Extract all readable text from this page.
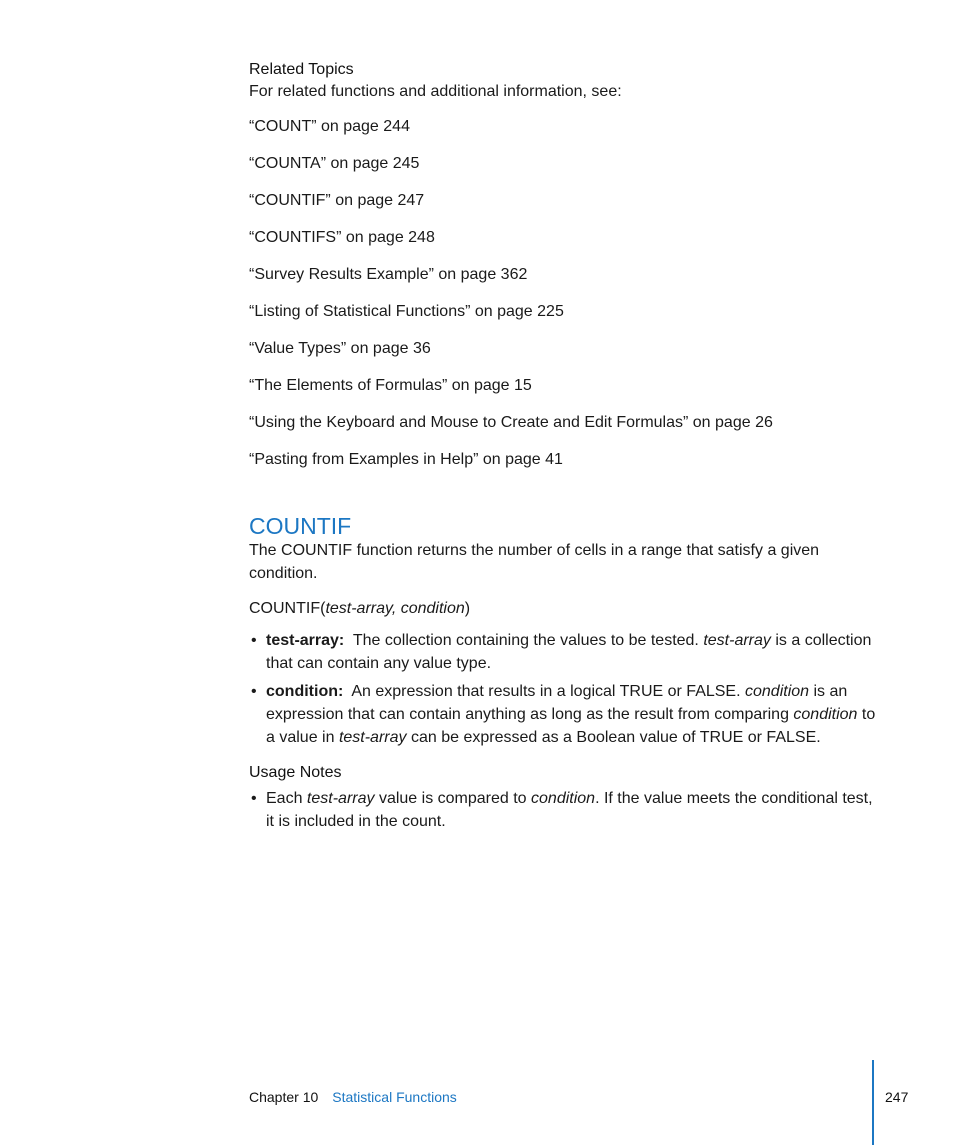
Related Topics

For related functions and additional information, see:

“COUNT” on page 244

“COUNTA” on page 245

“COUNTIF” on page 247

“COUNTIFS” on page 248

“Survey Results Example” on page 362

“Listing of Statistical Functions” on page 225

“Value Types” on page 36

“The Elements of Formulas” on page 15

“Using the Keyboard and Mouse to Create and Edit Formulas” on page 26

“Pasting from Examples in Help” on page 41

COUNTIF

The COUNTIF function returns the number of cells in a range that satisfy a given condition.

COUNTIF(test-array, condition)

• test-array: The collection containing the values to be tested. test-array is a collection that can contain any value type.
• condition: An expression that results in a logical TRUE or FALSE. condition is an expression that can contain anything as long as the result from comparing condition to a value in test-array can be expressed as a Boolean value of TRUE or FALSE.

Usage Notes

• Each test-array value is compared to condition. If the value meets the conditional test, it is included in the count.
Chapter 10 Statistical Functions	247
